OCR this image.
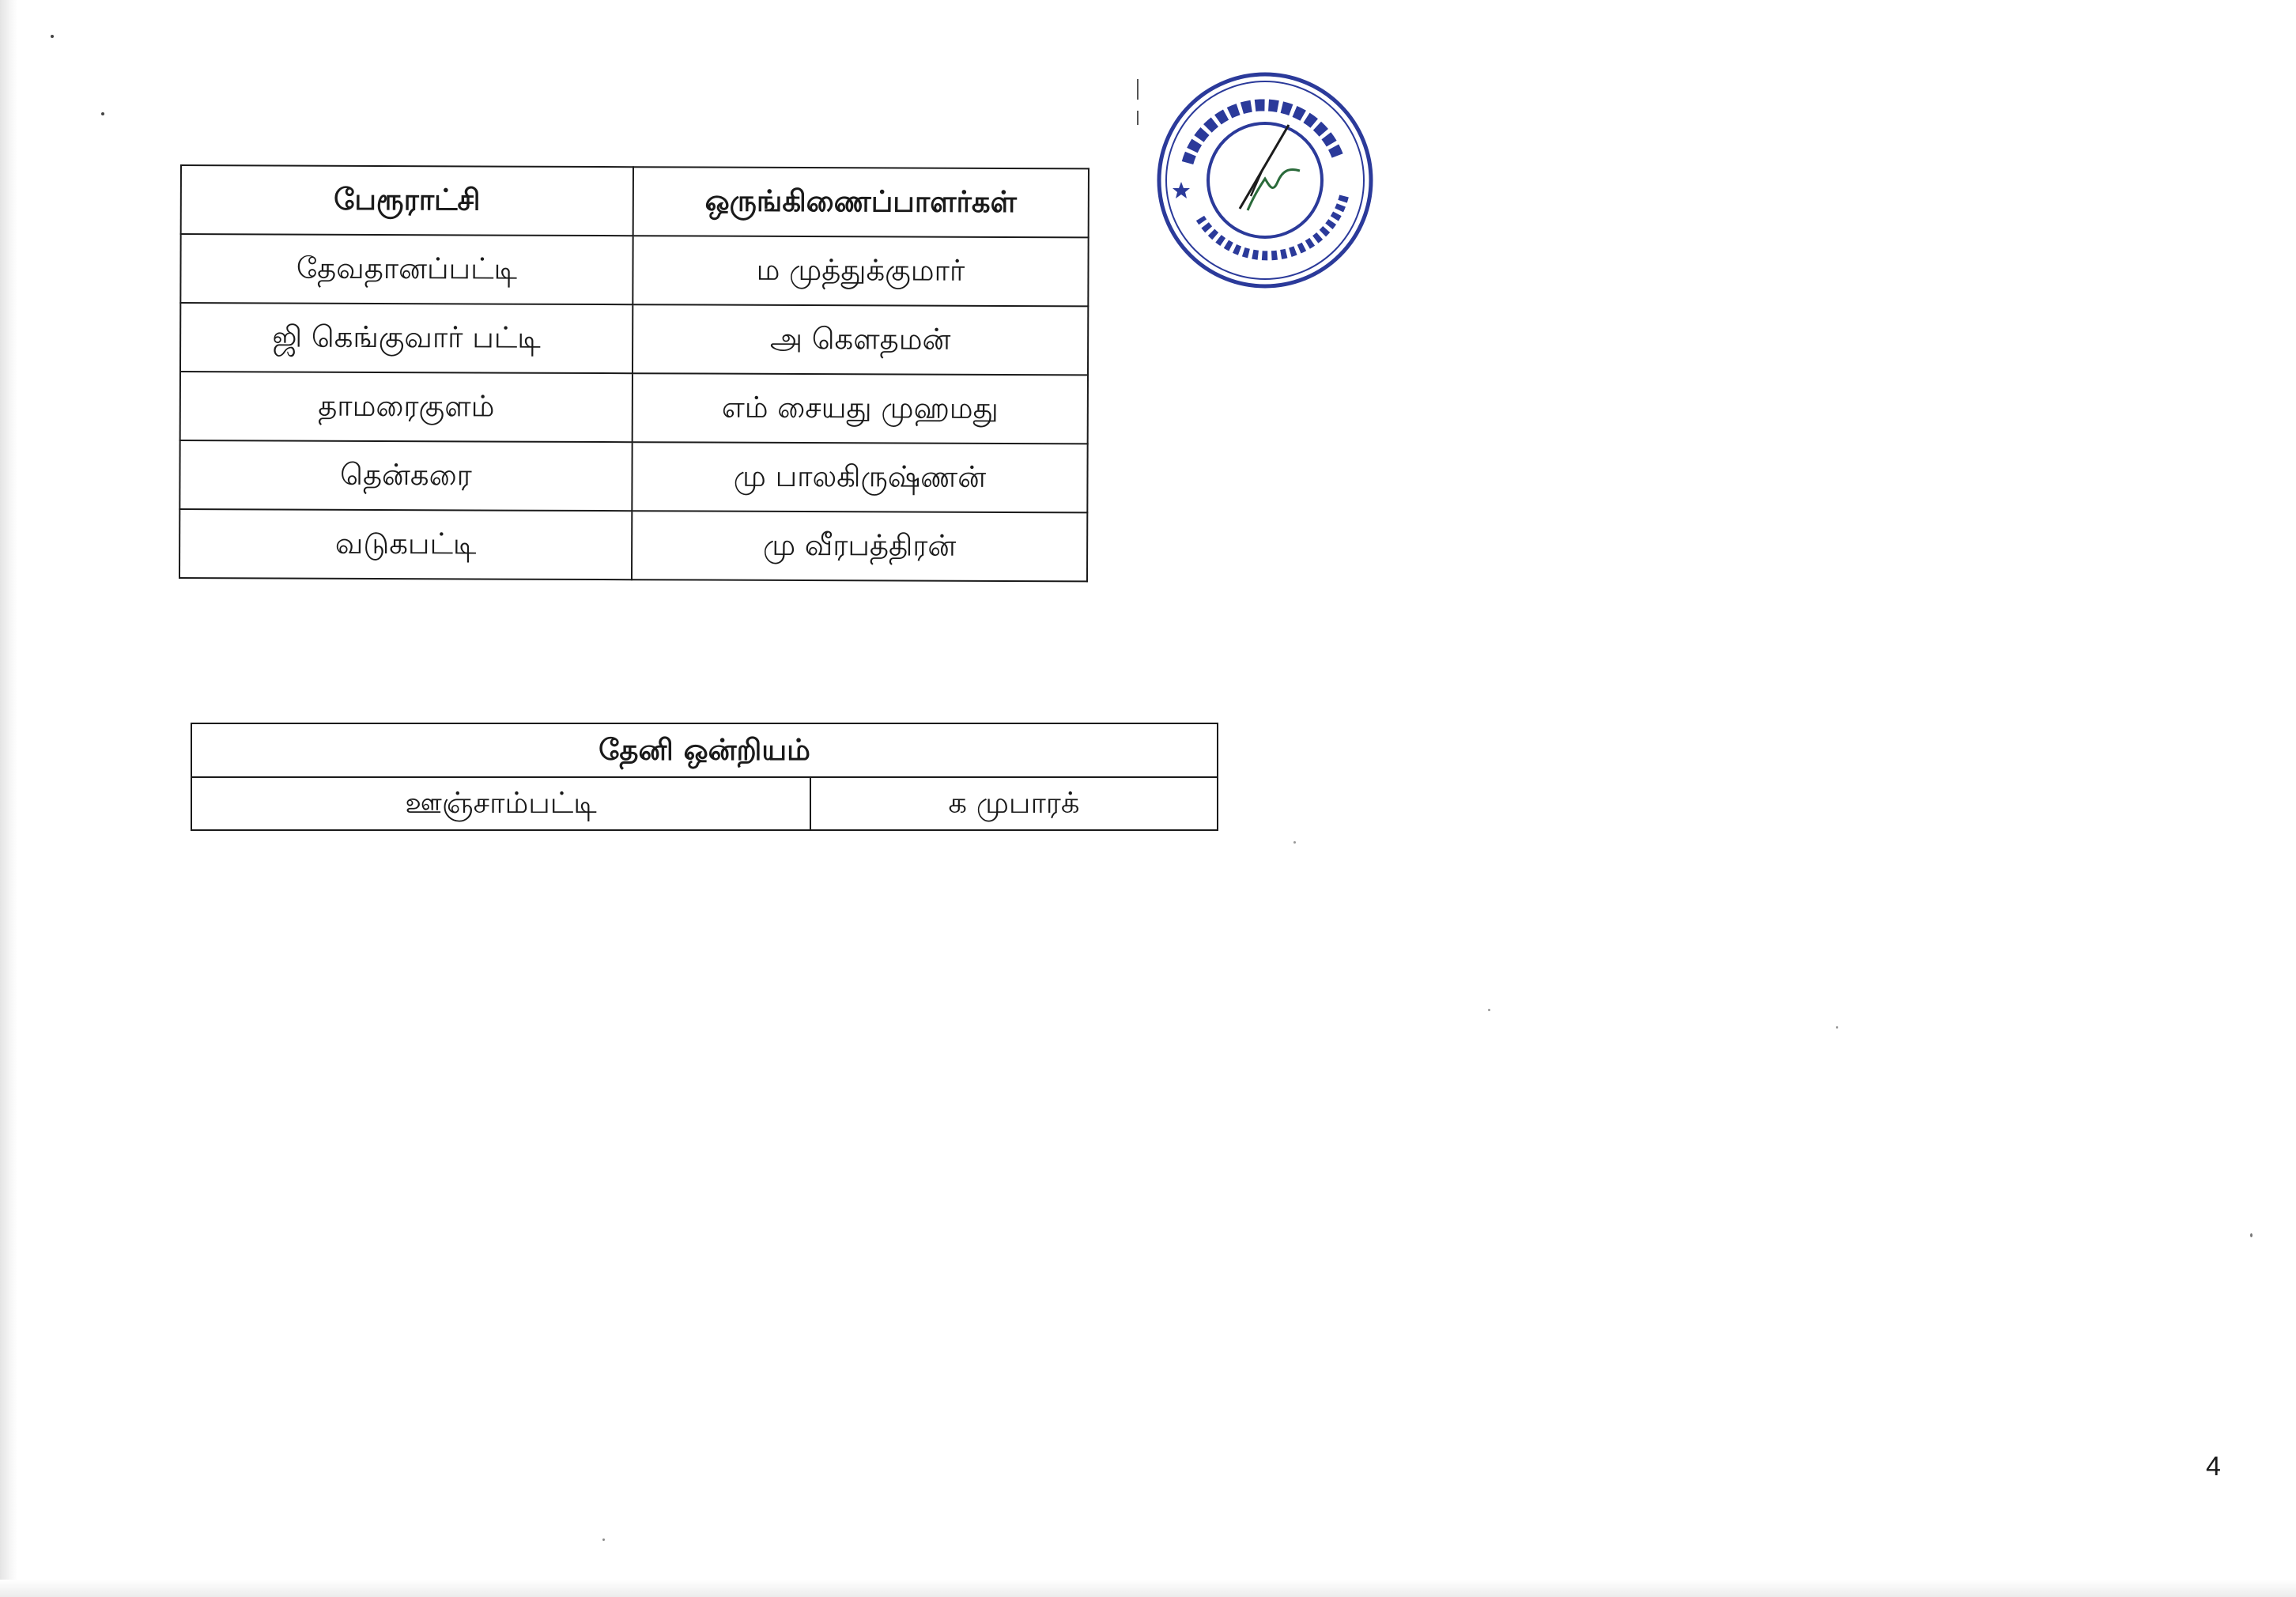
பேரூராட்சி	ஒருங்கிணைப்பாளர்கள்
தேவதானப்பட்டி	ம முத்துக்குமார்
ஜி கெங்குவார் பட்டி	அ கௌதமன்
தாமரைகுளம்	எம் சையது முஹமது
தென்கரை	மு பாலகிருஷ்ணன்
வடுகபட்டி	மு வீரபத்திரன்
தேனி ஒன்றியம்
ஊஞ்சாம்பட்டி	க முபாரக்
4
